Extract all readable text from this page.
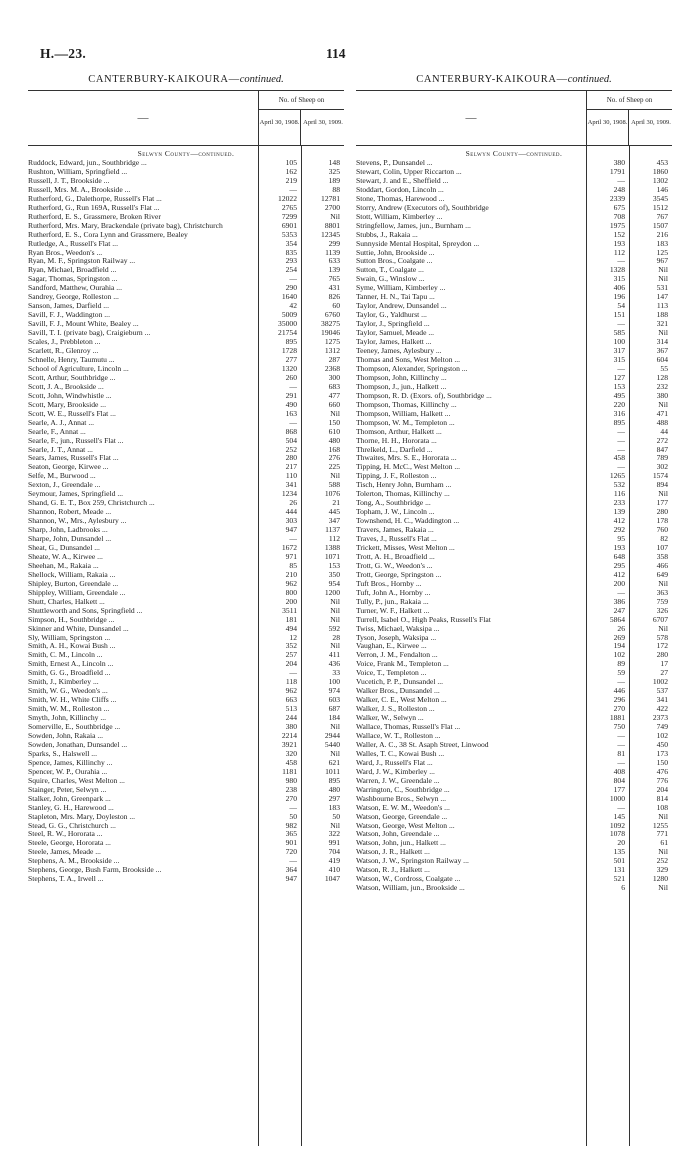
H.—23.	114
CANTERBURY-KAIKOURA—continued.
—
No. of Sheep on
April 30, 1908. April 30, 1909.
Selwyn County—continued.
Ruddock, Edward, jun., Southbridge ...	105	148
Rushton, William, Springfield ...	162	325
Russell, J. T., Brookside ...	219	189
Russell, Mrs. M. A., Brookside ...	—	88
Rutherford, G., Dalethorpe, Russell's Flat ...	12022	12781
Rutherford, G., Run 169A, Russell's Flat ...	2765	2700
Rutherford, E. S., Grassmere, Broken River	7299	Nil
Rutherford, Mrs. Mary, Brackendale (private bag), Christchurch	6901	8801
Rutherford, E. S., Cora Lynn and Grassmere, Bealey	5353	12345
Rutledge, A., Russell's Flat ...	354	299
Ryan Bros., Weedon's ...	835	1139
Ryan, M. F., Springston Railway ...	293	633
Ryan, Michael, Broadfield ...	254	139
Sagar, Thomas, Springston ...	—	765
Sandford, Matthew, Ourahia ...	290	431
Sandrey, George, Rolleston ...	1640	826
Sanson, James, Darfield ...	42	60
Savill, F. J., Waddington ...	5009	6760
Savill, F. J., Mount White, Bealey ...	35000	38275
Savill, T. I. (private bag), Craigieburn ...	21754	19046
Scales, J., Prebbleton ...	895	1275
Scarlett, R., Glenroy ...	1728	1312
Schnelle, Henry, Taumutu ...	277	287
School of Agriculture, Lincoln ...	1320	2368
Scott, Arthur, Southbridge ...	260	300
Scott, J. A., Brookside ...	—	683
Scott, John, Windwhistle ...	291	477
Scott, Mary, Brookside ...	490	660
Scott, W. E., Russell's Flat ...	163	Nil
Searle, A. J., Annat ...	—	150
Searle, F., Annat ...	868	610
Searle, F., jun., Russell's Flat ...	504	480
Searle, J. T., Annat ...	252	168
Sears, James, Russell's Flat ...	280	276
Seaton, George, Kirwee ...	217	225
Selfe, M., Burwood ...	110	Nil
Sexton, J., Greendale ...	341	588
Seymour, James, Springfield ...	1234	1076
Shand, G. E. T., Box 259, Christchurch ...	26	21
Shannon, Robert, Meade ...	444	445
Shannon, W., Mrs., Aylesbury ...	303	347
Sharp, John, Ladbrooks ...	947	1137
Sharpe, John, Dunsandel ...	—	112
Sheat, G., Dunsandel ...	1672	1388
Sheate, W. A., Kirwee ...	971	1071
Sheehan, M., Rakaia ...	85	153
Shellock, William, Rakaia ...	210	350
Shipley, Burton, Greendale ...	962	954
Shippley, William, Greendale ...	800	1200
Shutt, Charles, Halkett ...	200	Nil
Shuttleworth and Sons, Springfield ...	3511	Nil
Simpson, H., Southbridge ...	181	Nil
Skinner and White, Dunsandel ...	494	592
Sly, William, Springston ...	12	28
Smith, A. H., Kowai Bush ...	352	Nil
Smith, C. M., Lincoln ...	257	411
Smith, Ernest A., Lincoln ...	204	436
Smith, G. G., Broadfield ...	—	33
Smith, J., Kimberley ...	118	100
Smith, W. G., Weedon's ...	962	974
Smith, W. H., White Cliffs ...	663	603
Smith, W. M., Rolleston ...	513	687
Smyth, John, Killinchy ...	244	184
Somerville, E., Southbridge ...	380	Nil
Sowden, John, Rakaia ...	2214	2944
Sowden, Jonathan, Dunsandel ...	3921	5440
Sparks, S., Halswell ...	320	Nil
Spence, James, Killinchy ...	458	621
Spencer, W. P., Ourahia ...	1181	1011
Squire, Charles, West Melton ...	980	895
Stainger, Peter, Selwyn ...	238	480
Stalker, John, Greenpark ...	270	297
Stanley, G. H., Harewood ...	—	183
Stapleton, Mrs. Mary, Doyleston ...	50	50
Stead, G. G., Christchurch ...	982	Nil
Steel, R. W., Hororata ...	365	322
Steele, George, Hororata ...	901	991
Steele, James, Meade ...	720	704
Stephens, A. M., Brookside ...	—	419
Stephens, George, Bush Farm, Brookside ...	364	410
Stephens, T. A., Irwell ...	947	1047
CANTERBURY-KAIKOURA—continued.
—
No. of Sheep on
April 30, 1908. April 30, 1909.
Selwyn County—continued.
Stevens, P., Dunsandel ...	380	453
Stewart, Colin, Upper Riccarton ...	1791	1860
Stewart, J. and E., Sheffield ...	—	1302
Stoddart, Gordon, Lincoln ...	248	146
Stone, Thomas, Harewood ...	2339	3545
Storry, Andrew (Executors of), Southbridge	675	1512
Stott, William, Kimberley ...	708	767
Stringfellow, James, jun., Burnham ...	1975	1507
Stubbs, J., Rakaia ...	152	216
Sunnyside Mental Hospital, Spreydon ...	193	183
Suttie, John, Brookside ...	112	125
Sutton Bros., Coalgate ...	—	967
Sutton, T., Coalgate ...	1328	Nil
Swain, G., Winslow ...	315	Nil
Syme, William, Kimberley ...	406	531
Tanner, H. N., Tai Tapu ...	196	147
Taylor, Andrew, Dunsandel ...	54	113
Taylor, G., Yaldhurst ...	151	188
Taylor, J., Springfield ...	—	321
Taylor, Samuel, Meade ...	585	Nil
Taylor, James, Halkett ...	100	314
Teeney, James, Aylesbury ...	317	367
Thomas and Sons, West Melton ...	315	604
Thompson, Alexander, Springston ...	—	55
Thompson, John, Killinchy ...	127	128
Thompson, J., jun., Halkett ...	153	232
Thompson, R. D. (Exors. of), Southbridge ...	495	380
Thompson, Thomas, Killinchy ...	220	Nil
Thompson, William, Halkett ...	316	471
Thompson, W. M., Templeton ...	895	488
Thomson, Arthur, Halkett ...	—	44
Thorne, H. H., Hororata ...	—	272
Threlkeld, L., Darfield ...	—	847
Thwaites, Mrs. S. E., Hororata ...	458	789
Tipping, H. McC., West Melton ...	—	302
Tipping, J. F., Rolleston ...	1265	1574
Tisch, Henry John, Burnham ...	532	894
Tolerton, Thomas, Killinchy ...	116	Nil
Tong, A., Southbridge ...	233	177
Topham, J. W., Lincoln ...	139	280
Townshend, H. C., Waddington ...	412	178
Travers, James, Rakaia ...	292	760
Traves, J., Russell's Flat ...	95	82
Trickett, Misses, West Melton ...	193	107
Trott, A. H., Broadfield ...	648	358
Trott, G. W., Weedon's ...	295	466
Trott, George, Springston ...	412	649
Tuft Bros., Hornby ...	200	Nil
Tuft, John A., Hornby ...	—	363
Tully, P., jun., Rakaia ...	386	759
Turner, W. F., Halkett ...	247	326
Turrell, Isabel O., High Peaks, Russell's Flat	5864	6707
Twiss, Michael, Waksipa ...	26	Nil
Tyson, Joseph, Waksipa ...	269	578
Vaughan, E., Kirwee ...	194	172
Verron, J. M., Fendalton ...	102	280
Voice, Frank M., Templeton ...	89	17
Voice, T., Templeton ...	59	27
Vucetich, P. P., Dunsandel ...	—	1002
Walker Bros., Dunsandel ...	446	537
Walker, C. E., West Melton ...	296	341
Walker, J. S., Rolleston ...	270	422
Walker, W., Selwyn ...	1881	2373
Wallace, Thomas, Russell's Flat ...	750	749
Wallace, W. T., Rolleston ...	—	102
Waller, A. C., 38 St. Asaph Street, Linwood	—	450
Walles, T. C., Kowai Bush ...	81	173
Ward, J., Russell's Flat ...	—	150
Ward, J. W., Kimberley ...	408	476
Warren, J. W., Greendale ...	804	776
Warrington, C., Southbridge ...	177	204
Washbourne Bros., Selwyn ...	1000	814
Watson, E. W. M., Weedon's ...	—	108
Watson, George, Greendale ...	145	Nil
Watson, George, West Melton ...	1092	1255
Watson, John, Greendale ...	1078	771
Watson, John, jun., Halkett ...	20	61
Watson, J. R., Halkett ...	135	Nil
Watson, J. W., Springston Railway ...	501	252
Watson, R. J., Halkett ...	131	329
Watson, W., Cordross, Coalgate ...	521	1280
Watson, William, jun., Brookside ...	6	Nil
